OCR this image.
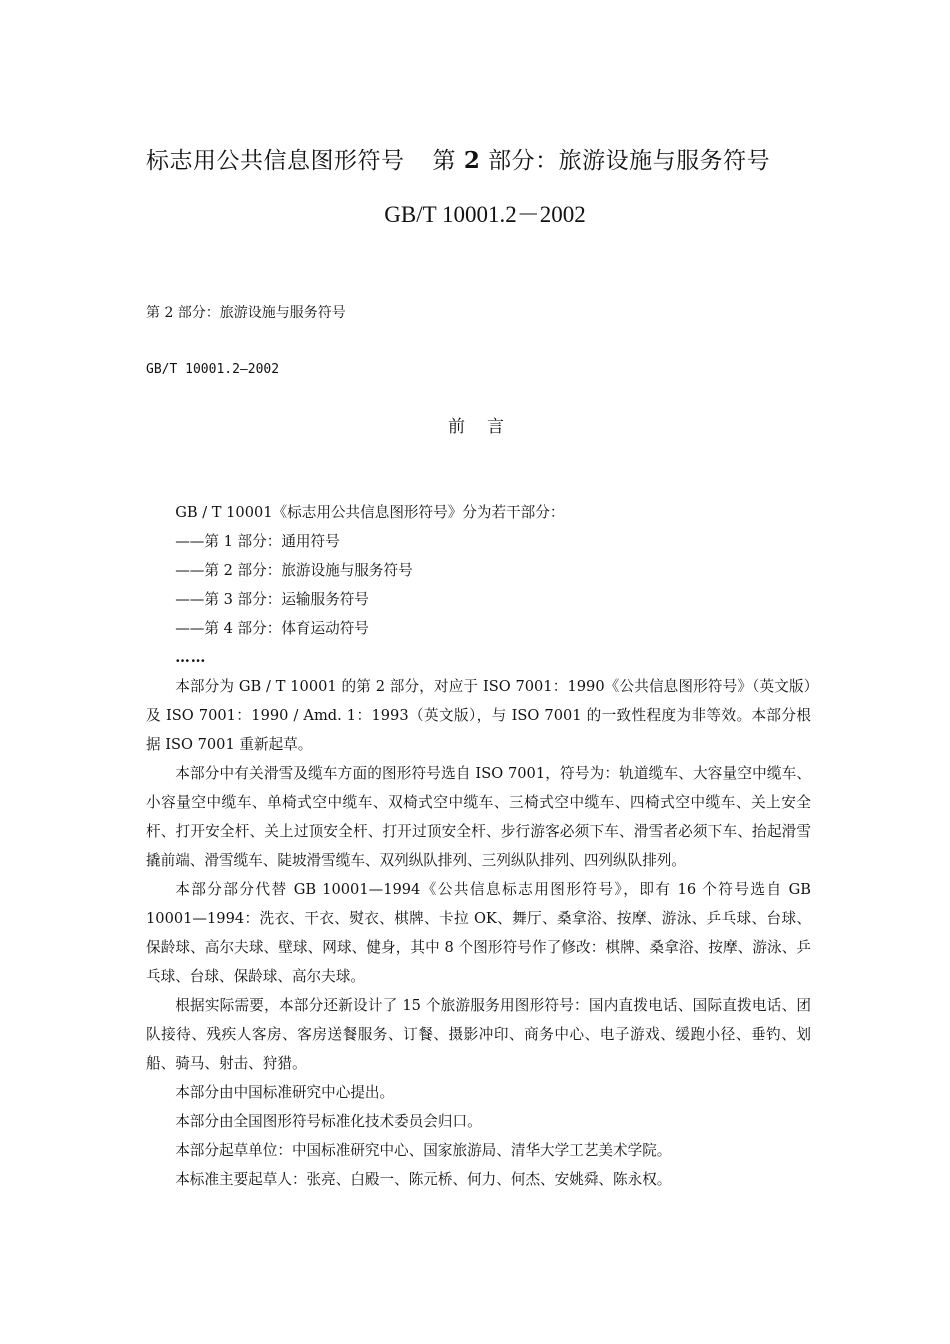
标志用公共信息图形符号 第 2 部分：旅游设施与服务符号
GB/T 10001.2－2002
第 2 部分：旅游设施与服务符号
GB/T 10001.2—2002
前言
GB / T 10001《标志用公共信息图形符号》分为若干部分：
——第 1 部分：通用符号
——第 2 部分：旅游设施与服务符号
——第 3 部分：运输服务符号
——第 4 部分：体育运动符号
……

本部分为 GB / T 10001 的第 2 部分，对应于 ISO 7001：1990《公共信息图形符号》（英文版）及 ISO 7001：1990 / Amd. 1：1993（英文版），与 ISO 7001 的一致性程度为非等效。本部分根据 ISO 7001 重新起草。

本部分中有关滑雪及缆车方面的图形符号选自 ISO 7001，符号为：轨道缆车、大容量空中缆车、小容量空中缆车、单椅式空中缆车、双椅式空中缆车、三椅式空中缆车、四椅式空中缆车、关上安全杆、打开安全杆、关上过顶安全杆、打开过顶安全杆、步行游客必须下车、滑雪者必须下车、抬起滑雪撬前端、滑雪缆车、陡坡滑雪缆车、双列纵队排列、三列纵队排列、四列纵队排列。

本部分部分代替 GB 10001—1994《公共信息标志用图形符号》，即有 16 个符号选自 GB 10001—1994：洗衣、干衣、熨衣、棋牌、卡拉 OK、舞厅、桑拿浴、按摩、游泳、乒乓球、台球、保龄球、高尔夫球、壁球、网球、健身，其中 8 个图形符号作了修改：棋牌、桑拿浴、按摩、游泳、乒乓球、台球、保龄球、高尔夫球。

根据实际需要，本部分还新设计了 15 个旅游服务用图形符号：国内直拨电话、国际直拨电话、团队接待、残疾人客房、客房送餐服务、订餐、摄影冲印、商务中心、电子游戏、缓跑小径、垂钓、划船、骑马、射击、狩猎。

本部分由中国标准研究中心提出。

本部分由全国图形符号标准化技术委员会归口。

本部分起草单位：中国标准研究中心、国家旅游局、清华大学工艺美术学院。

本标准主要起草人：张亮、白殿一、陈元桥、何力、何杰、安姚舜、陈永权。
